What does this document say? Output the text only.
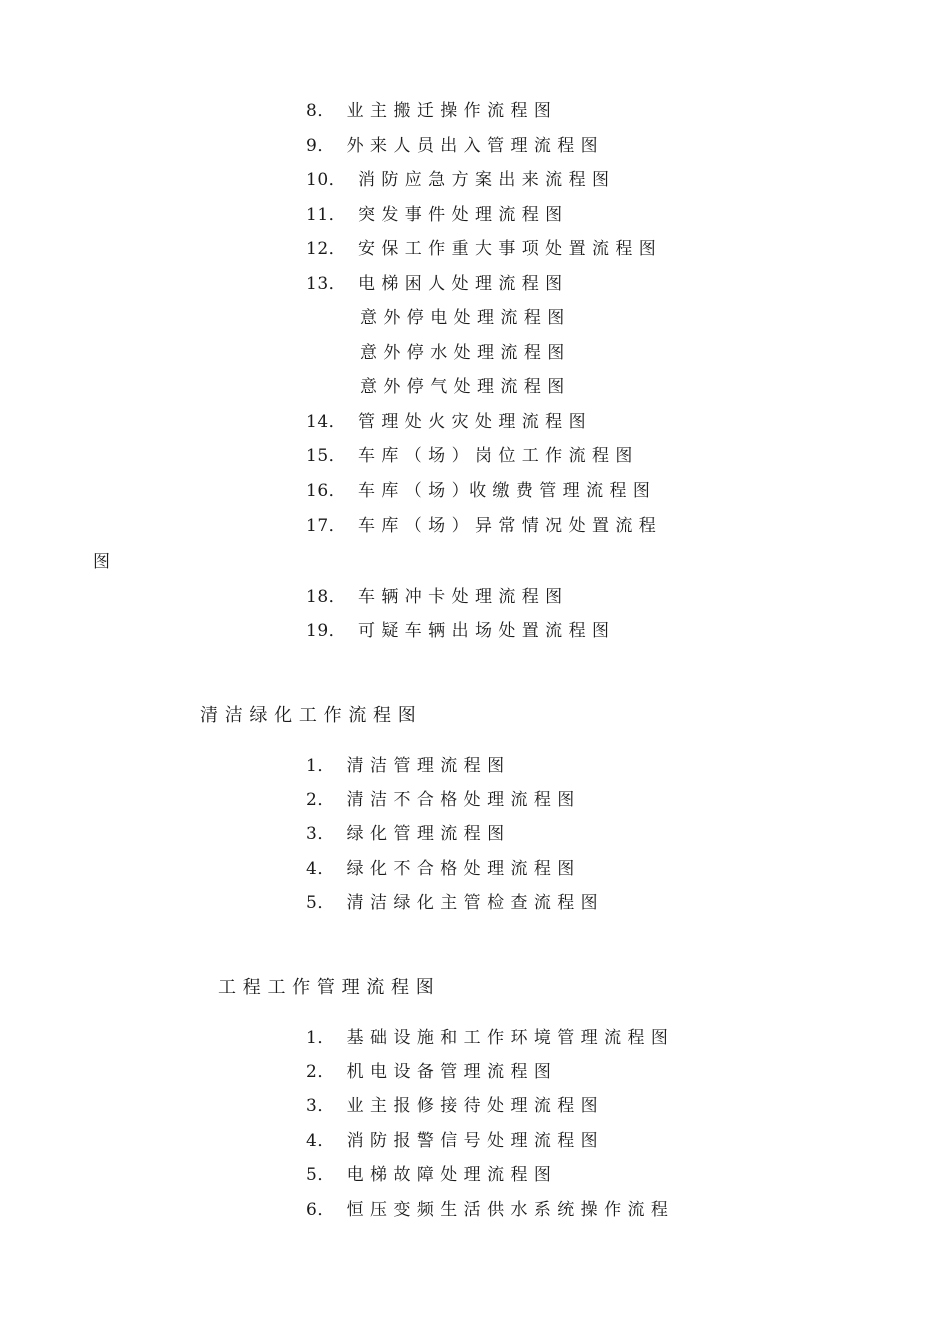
8． 业 主 搬 迁 操 作 流 程 图
9． 外 来 人 员 出 入 管 理 流 程 图
10． 消 防 应 急 方 案 出 来 流 程 图
11． 突 发 事 件 处 理 流 程 图
12． 安 保 工 作 重 大 事 项 处 置 流 程 图
13． 电 梯 困 人 处 理 流 程 图
意 外 停 电 处 理 流 程 图
意 外 停 水 处 理 流 程 图
意 外 停 气 处 理 流 程 图
14． 管 理 处 火 灾 处 理 流 程 图
15． 车 库 （ 场 ） 岗 位 工 作 流 程 图
16． 车 库 （ 场 ）收 缴 费 管 理 流 程 图
17． 车 库 （ 场 ） 异 常 情 况 处 置 流 程
图
18． 车 辆 冲 卡 处 理 流 程 图
19． 可 疑 车 辆 出 场 处 置 流 程 图
清 洁 绿 化 工 作 流 程 图
1． 清 洁 管 理 流 程 图
2． 清 洁 不 合 格 处 理 流 程 图
3． 绿 化 管 理 流 程 图
4． 绿 化 不 合 格 处 理 流 程 图
5． 清 洁 绿 化 主 管 检 查 流 程 图
工 程 工 作 管 理 流 程 图
1． 基 础 设 施 和 工 作 环 境 管 理 流 程 图
2． 机 电 设 备 管 理 流 程 图
3． 业 主 报 修 接 待 处 理 流 程 图
4． 消 防 报 警 信 号 处 理 流 程 图
5． 电 梯 故 障 处 理 流 程 图
6． 恒 压 变 频 生 活 供 水 系 统 操 作 流 程
